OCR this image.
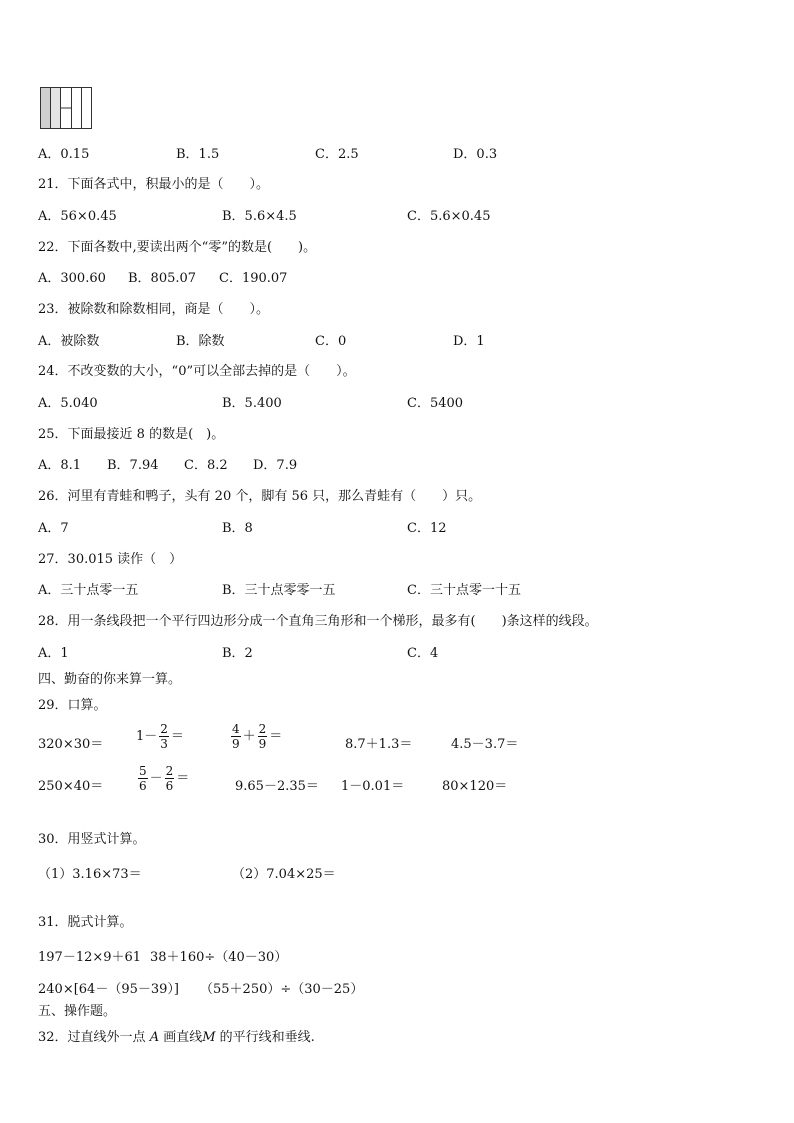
A．0.15	B．1.5	C．2.5	D．0.3
21．下面各式中，积最小的是（　　）。
A．56×0.45	B．5.6×4.5	C．5.6×0.45
22．下面各数中,要读出两个“零”的数是(　　)。
A．300.60 B．805.07 C．190.07
23．被除数和除数相同，商是（　　）。
A．被除数	B．除数	C．0	D．1
24．不改变数的大小，“0”可以全部去掉的是（　　）。
A．5.040	B．5.400	C．5400
25．下面最接近 8 的数是(　)。
A．8.1 B．7.94 C．8.2 D．7.9
26．河里有青蛙和鸭子，头有 20 个，脚有 56 只，那么青蛙有（　　）只。
A．7	B．8	C．12
27．30.015 读作（　）
A．三十点零一五	B．三十点零零一五	C．三十点零一十五
28．用一条线段把一个平行四边形分成一个直角三角形和一个梯形，最多有(　　)条这样的线段。
A．1	B．2	C．4
四、勤奋的你来算一算。
29．口算。
320×30＝
$1- \frac{2}{3}$ ＝	$\frac{4}{9} + \frac{2}{9}$ ＝
8.7＋1.3＝	4.5－3.7＝
250×40＝	$\frac{5}{6} - \frac{2}{6}$ ＝
9.65－2.35＝ 1－0.01＝	80×120＝
30．用竖式计算。
（1）3.16×73＝	（2）7.04×25＝
31．脱式计算。
197－12×9＋61 38＋160÷（40－30）
240×[64－（95－39）] （55＋250）÷（30－25）
五、操作题。
32．过直线外一点 A 画直线M 的平行线和垂线.
